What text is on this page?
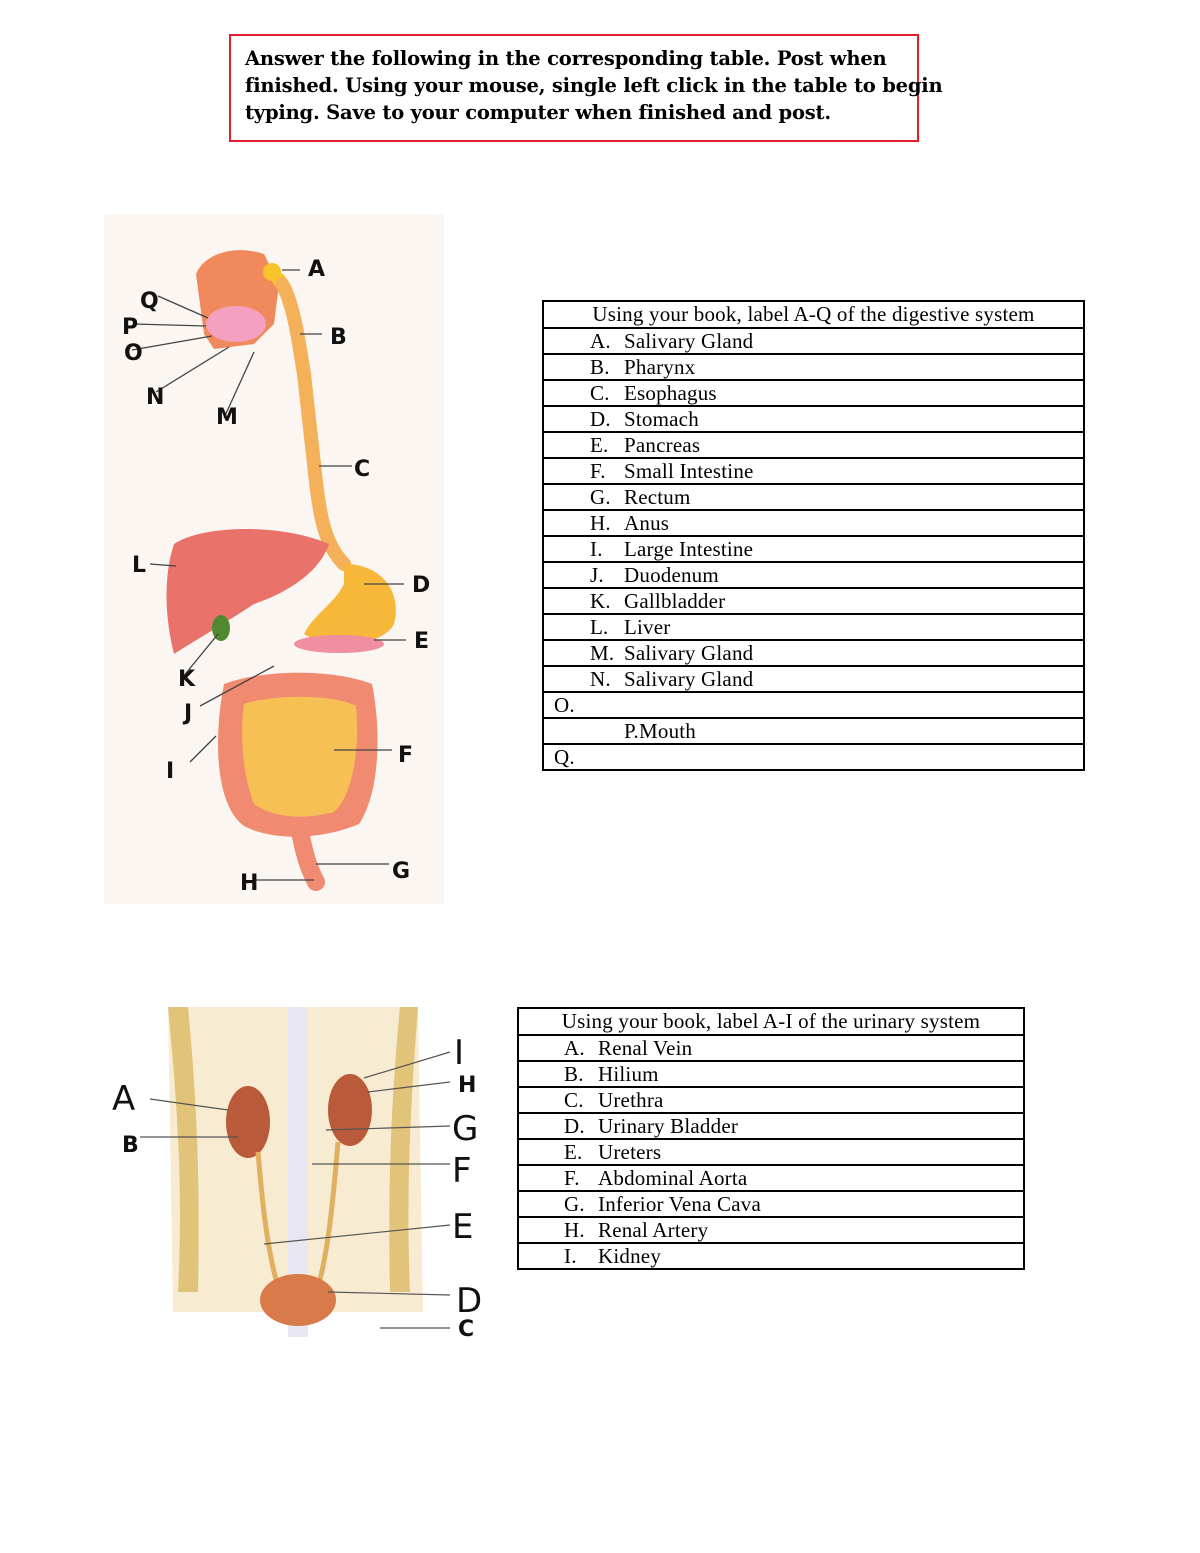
Answer the following in the corresponding table. Post when
finished. Using your mouse, single left click in the table to begin
typing. Save to your computer when finished and post.
A
B
C
D
E
F
G
H
I
J
K
L
M
N
O
P
Q	Using your book, label A-Q of the digestive system

A. Salivary Gland

B. Pharynx

C. Esophagus

D. Stomach

E. Pancreas

F. Small Intestine

G. Rectum

H. Anus

I. Large Intestine

J. Duodenum

K. Gallbladder

L. Liver

M. Salivary Gland

N. Salivary Gland

O.

P.Mouth

Q.
A
B
C
D
E
F
G
H
I
Using your book, label A-I of the urinary system

A. Renal Vein

B. Hilium

C. Urethra

D. Urinary Bladder

E. Ureters

F. Abdominal Aorta

G. Inferior Vena Cava

H. Renal Artery

I. Kidney
